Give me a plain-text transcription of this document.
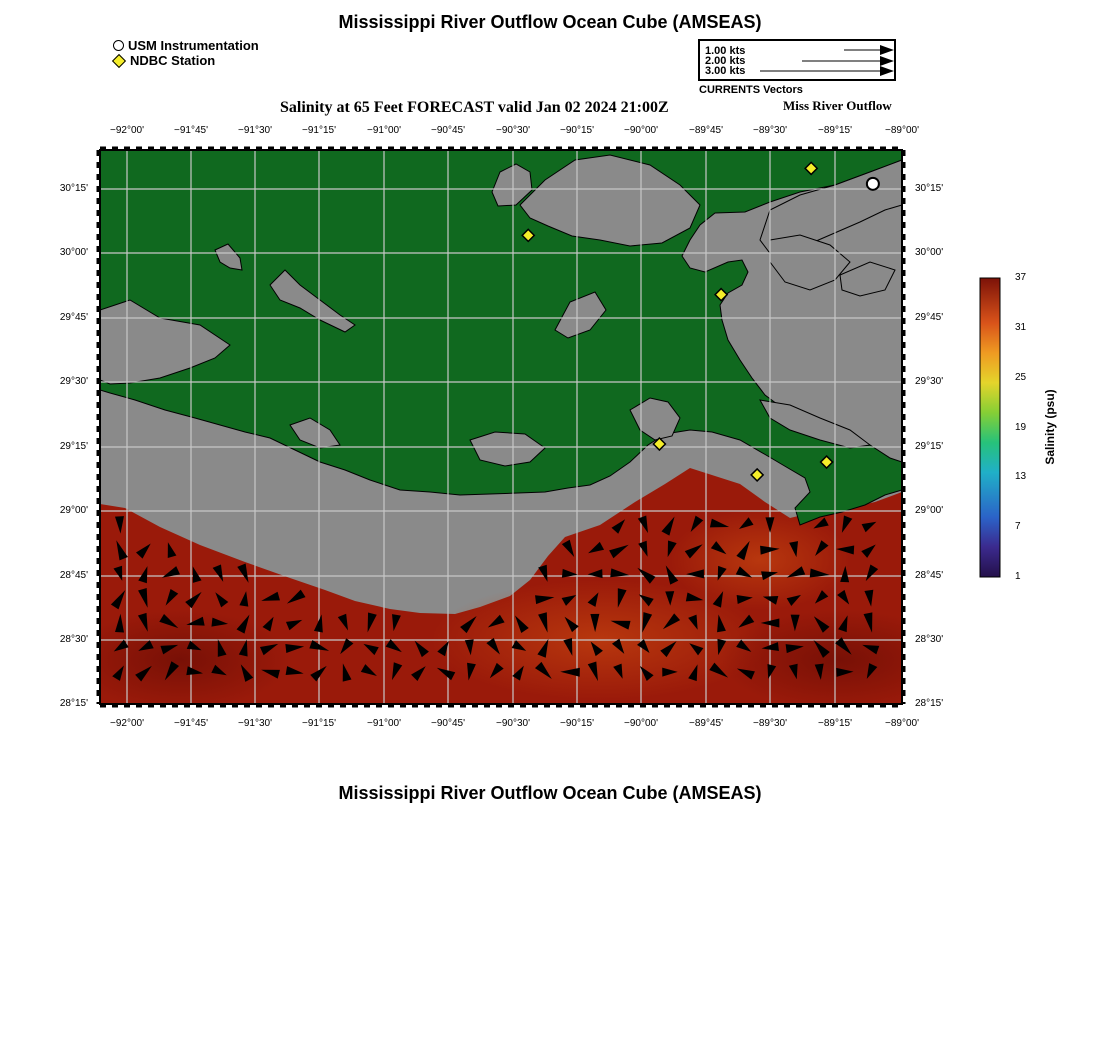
Mississippi River Outflow Ocean Cube (AMSEAS)
USM Instrumentation
NDBC Station
1.00 kts
2.00 kts
3.00 kts
CURRENTS Vectors
Salinity at 65 Feet FORECAST valid Jan 02 2024 21:00Z	Miss River Outflow
−92°00'	−91°45'	−91°30'	−91°15'	−91°00'	−90°45'	−90°30'	−90°15'	−90°00'	−89°45'	−89°30'	−89°15'	−89°00'
−92°00'	−91°45'	−91°30'	−91°15'	−91°00'	−90°45'	−90°30'	−90°15'	−90°00'	−89°45'	−89°30'	−89°15'	−89°00'
30°15'
30°00'
29°45'
29°30'
29°15'
29°00'
28°45'
28°30'
28°15'
30°15'
30°00'
29°45'
29°30'
29°15'
29°00'
28°45'
28°30'
28°15'
37
31
25
19
13
7
1
Salinity (psu)
Mississippi River Outflow Ocean Cube (AMSEAS)
